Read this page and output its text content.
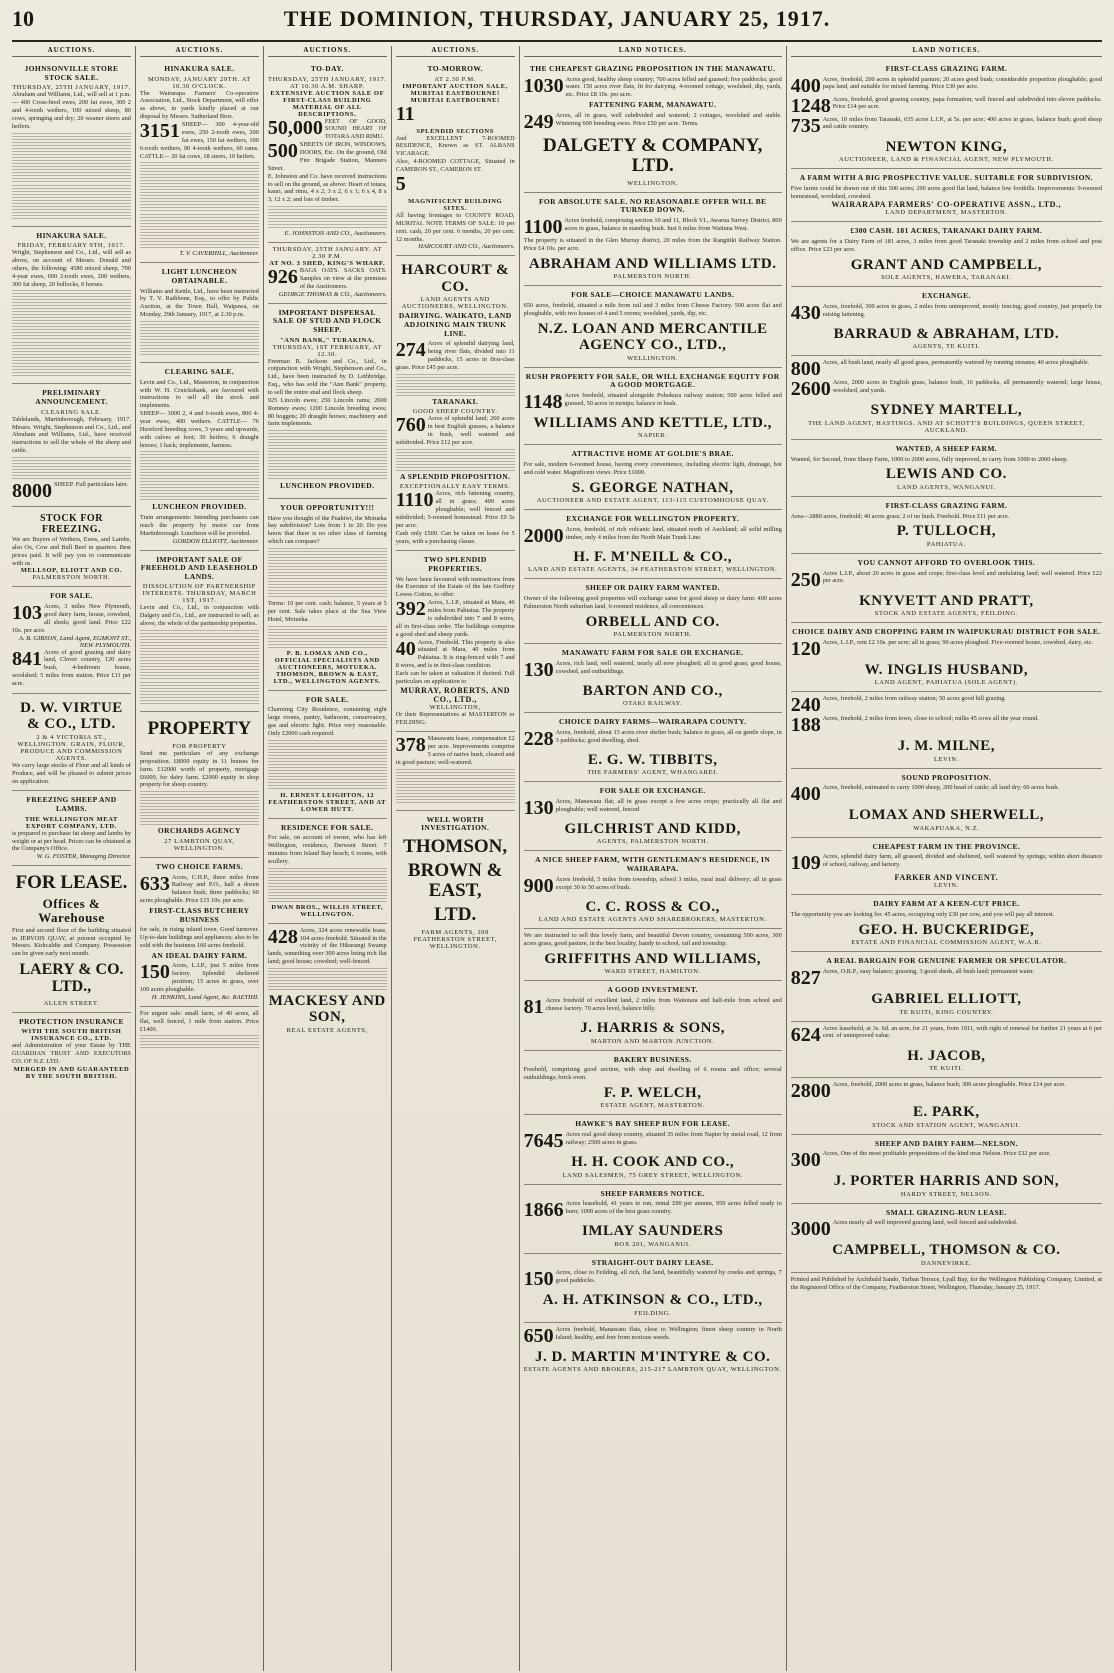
10	THE DOMINION, THURSDAY, JANUARY 25, 1917.
AUCTIONS.
JOHNSONVILLE STORE STOCK SALE.
THURSDAY, 25TH JANUARY, 1917.

Abraham and Williams, Ltd., will sell at 1 p.m.— 400 Cross-bred ewes, 200 fat ewes, 300 2 and 4-tooth wethers, 100 mixed sheep, 80 cows, springing and dry; 20 weaner steers and heifers.

HINAKURA SALE.
FRIDAY, FEBRUARY 9TH, 1917.

Wright, Stephenson and Co., Ltd., will sell as above, on account of Messrs. Donald and others, the following: 4580 mixed sheep, 700 4-year ewes, 600 2-tooth ewes, 200 wethers, 300 fat sheep, 20 bullocks, 6 horses.

PRELIMINARY ANNOUNCEMENT.
CLEARING SALE.

Tablelands, Martinborough, February, 1917. Messrs. Wright, Stephenson and Co., Ltd., and Abraham and Williams, Ltd., have received instructions to sell the whole of the sheep and cattle.

8000 SHEEP. Full particulars later.

STOCK FOR FREEZING.

We are Buyers of Wethers, Ewes, and Lambs, also Ox, Cow and Bull Beef in quarters. Best prices paid. It will pay you to communicate with us.

MELLSOP, ELIOTT AND CO.
PALMERSTON NORTH.
FOR SALE.
103 Acres, 3 miles New Plymouth, good dairy farm, house, cowshed, all sheds; good land. Price £22 10s. per acre.

A. B. GIBSON, Land Agent, EGMONT ST., NEW PLYMOUTH.
841 Acres of good grazing and dairy land, Clover country, 120 acres bush, 4-bedroom house, woolshed; 5 miles from station. Price £11 per acre.

D. W. VIRTUE & CO., LTD.
2 & 4 VICTORIA ST., WELLINGTON. GRAIN, FLOUR, PRODUCE AND COMMISSION AGENTS.

We carry large stocks of Flour and all kinds of Produce, and will be pleased to submit prices on application.

FREEZING SHEEP AND LAMBS.
THE WELLINGTON MEAT EXPORT COMPANY, LTD.

is prepared to purchase fat sheep and lambs by weight or at per head. Prices can be obtained at the Company's Office.

W. G. FOSTER, Managing Director.
FOR LEASE.
Offices & Warehouse

First and second floor of the building situated in JERVOIS QUAY, at present occupied by Messrs. Kirkcaldie and Company. Possession can be given early next month.

LAERY & CO. LTD.,
ALLEN STREET.
PROTECTION INSURANCE
WITH THE SOUTH BRITISH INSURANCE CO., LTD.

and Administration of your Estate by THE GUARDIAN TRUST AND EXECUTORS CO. OF N.Z. LTD.

MERGED IN AND GUARANTEED BY THE SOUTH BRITISH.
AUCTIONS.
HINAKURA SALE.
MONDAY, JANUARY 29TH. AT 10.30 O'CLOCK.

The Wairarapa Farmers' Co-operative Association, Ltd., Stock Department, will offer as above, in yards kindly placed at our disposal by Messrs. Sutherland Bros.

3151 SHEEP— 300 4-year-old ewes, 250 2-tooth ewes, 200 fat ewes, 150 fat wethers, 100 6-tooth wethers, 90 4-tooth wethers, 60 rams. CATTLE— 20 fat cows, 18 steers, 10 heifers.

T. V. CAVERHILL, Auctioneer.
LIGHT LUNCHEON OBTAINABLE.

Williams and Kettle, Ltd., have been instructed by T. V. Rathbone, Esq., to offer by Public Auction, at the Town Hall, Waipawa, on Monday, 29th January, 1917, at 2.30 p.m.

CLEARING SALE.

Levin and Co., Ltd., Masterton, in conjunction with W. H. Cruickshank, are favoured with instructions to sell all the stock and implements.

SHEEP— 3000 2, 4 and 6-tooth ewes, 800 4-year ewes, 400 wethers. CATTLE— 76 Hereford breeding cows, 3 years and upwards, with calves at foot; 30 heifers; 6 draught horses; 1 hack; implements, harness.

LUNCHEON PROVIDED.

Train arrangements: Intending purchasers can reach the property by motor car from Martinborough. Luncheon will be provided.

GORDON ELLIOTT, Auctioneer.
IMPORTANT SALE OF FREEHOLD AND LEASEHOLD LANDS.
DISSOLUTION OF PARTNERSHIP INTERESTS. THURSDAY, MARCH 1ST, 1917.

Levin and Co., Ltd., in conjunction with Dalgety and Co., Ltd., are instructed to sell, as above, the whole of the partnership properties.

PROPERTY
FOR PROPERTY

Send me particulars of any exchange proposition. £8000 equity in 11 houses for farm. £12000 worth of property, mortgage £6000, for dairy farm. £2000 equity in shop property for sheep country.

ORCHARDS AGENCY
27 LAMBTON QUAY, WELLINGTON.
TWO CHOICE FARMS.
633 Acres, C.H.P., three miles from Railway and P.O., half a dozen balance bush; three paddocks; 60 acres ploughable. Price £15 10s. per acre.

FIRST-CLASS BUTCHERY BUSINESS

for sale, in rising inland town. Good turnover. Up-to-date buildings and appliances; also to be sold with the business 160 acres freehold.

AN IDEAL DAIRY FARM.
150 Acres, L.I.P., just 5 miles from factory. Splendid sheltered position; 15 acres in grass, over 100 acres ploughable.

H. JENKINS, Land Agent, &c. RAETIHI.

For urgent sale: small farm, of 40 acres, all flat, well fenced, 1 mile from station. Price £1400.

AUCTIONS.
TO-DAY.
THURSDAY, 25TH JANUARY, 1917. AT 10.30 A.M. SHARP.
EXTENSIVE AUCTION SALE OF FIRST-CLASS BUILDING MATERIAL OF ALL DESCRIPTIONS.
50,000 FEET OF GOOD, SOUND HEART OF TOTARA AND RIMU.

500 SHEETS OF IRON, WINDOWS, DOORS, Etc. On the ground, Old Fire Brigade Station, Manners Street.

E. Johnston and Co. have received instructions to sell on the ground, as above: Heart of totara, kauri, and rimu, 4 x 2, 3 x 2, 6 x 1; 6 x 4, 8 x 3, 12 x 2; and lots of timber.

E. JOHNSTON AND CO., Auctioneers.
THURSDAY, 25TH JANUARY. AT 2.30 P.M.
AT NO. 3 SHED, KING'S WHARF.
926 BAGS OATS. SACKS OATS. Samples on view at the premises of the Auctioneers.

GEORGE THOMAS & CO., Auctioneers.
IMPORTANT DISPERSAL SALE OF STUD AND FLOCK SHEEP.
"ANN BANK," TURAKINA.
THURSDAY, 1ST FEBRUARY, AT 12.30.

Freeman R. Jackson and Co., Ltd., in conjunction with Wright, Stephenson and Co., Ltd., have been instructed by D. Lethbridge, Esq., who has sold the "Ann Bank" property, to sell the entire stud and flock sheep.

925 Lincoln ewes; 250 Lincoln rams; 2600 Romney ewes; 1200 Lincoln breeding ewes; 80 hoggets; 20 draught horses; machinery and farm implements.

LUNCHEON PROVIDED.
YOUR OPPORTUNITY!!!

Have you thought of the Puahiwi, the Motueka bay subdivision? Lots from 1 to 20. Do you know that there is no other class of farming which can compare?

Terms: 10 per cent. cash; balance, 5 years at 5 per cent. Sale takes place at the Sea View Hotel, Motueka.

P. B. LOMAX AND CO., OFFICIAL SPECIALISTS AND AUCTIONEERS, MOTUEKA. THOMSON, BROWN & EAST, LTD., WELLINGTON AGENTS.
FOR SALE.

Charming City Residence, containing eight large rooms, pantry, bathroom, conservatory, gas and electric light. Price very reasonable. Only £2000 cash required.

H. ERNEST LEIGHTON, 12 FEATHERSTON STREET, AND AT LOWER HUTT.
RESIDENCE FOR SALE.

For sale, on account of owner, who has left Wellington, residence, Derwent Street. 7 minutes from Island Bay beach; 6 rooms, with scullery.

DWAN BROS., WILLIS STREET, WELLINGTON.
428 Acres, 324 acres renewable lease, 104 acres freehold. Situated in the vicinity of the Hikurangi Swamp lands, something over 300 acres being rich flat land; good house; cowshed; well-fenced.

MACKESY AND SON,
REAL ESTATE AGENTS,
AUCTIONS.
TO-MORROW.
AT 2.30 P.M.
IMPORTANT AUCTION SALE, MURITAI EASTBOURNE! MURITAI EASTBOURNE!
11
SPLENDID SECTIONS

And EXCELLENT 7-ROOMED RESIDENCE, Known as ST. ALBANS VICARAGE.

Also, 4-ROOMED COTTAGE, Situated in CAMERON ST., CAMERON ST.

5
MAGNIFICENT BUILDING SITES.

All having frontages to COUNTY ROAD, MURITAI. NOTE TERMS OF SALE: 10 per cent. cash, 20 per cent. 6 months, 20 per cent. 12 months.

HARCOURT AND CO., Auctioneers.
HARCOURT & CO.
LAND AGENTS AND AUCTIONEERS, WELLINGTON.
DAIRYING. WAIKATO, LAND ADJOINING MAIN TRUNK LINE.
274 Acres of splendid dairying land, being river flats, divided into 11 paddocks, 15 acres in first-class grass. Price £45 per acre.

TARANAKI.
GOOD SHEEP COUNTRY.
760 Acres of splendid land; 260 acres in best English grasses, a balance in bush, well watered and subdivided. Price £12 per acre.

A SPLENDID PROPOSITION.
EXCEPTIONALLY EASY TERMS.
1110 Acres, rich fattening country, all in grass; 400 acres ploughable; well fenced and subdivided; 5-roomed homestead. Price £9 5s per acre.

Cash only £500. Can be taken on lease for 5 years, with a purchasing clause.

TWO SPLENDID PROPERTIES.

We have been favoured with instructions from the Executor of the Estate of the late Godfrey Lowes Cotton, to offer:

392 Acres, L.I.P., situated at Mara, 46 miles from Pahiatua. The property is subdivided into 7 and 8 wires, all in first-class order. The buildings comprise a good shed and sheep yards.

40 Acres, Freehold. This property is also situated at Mara, 40 miles from Pahiatua. It is ring-fenced with 7 and 8 wires, and is in first-class condition.

Each can be taken at valuation if desired. Full particulars on application to

MURRAY, ROBERTS, AND CO., LTD.,
WELLINGTON,

Or their Representatives at MASTERTON or FEILDING.

378 Manawatu lease, compensation £2 per acre. Improvements comprise 5 acres of native bush, cleared and in good pasture; well-watered.

WELL WORTH INVESTIGATION.
THOMSON,
BROWN & EAST,
LTD.
FARM AGENTS, 109 FEATHERSTON STREET, WELLINGTON.
LAND NOTICES.
THE CHEAPEST GRAZING PROPOSITION IN THE MANAWATU.
1030 Acres good, healthy sheep country; 700 acres felled and grassed; five paddocks; good water. 150 acres river flats, fit for dairying. 4-roomed cottage, woolshed, dip, yards, etc. Price £8 10s. per acre.

FATTENING FARM, MANAWATU.
249 Acres, all in grass, well subdivided and watered; 2 cottages, woolshed and stable. Wintering 600 breeding ewes. Price £50 per acre. Terms.

DALGETY & COMPANY, LTD.
WELLINGTON.
FOR ABSOLUTE SALE. NO REASONABLE OFFER WILL BE TURNED DOWN.
1100 Acres freehold, comprising section 10 and 11, Block VI., Awarua Survey District, 800 acres in grass, balance in standing bush. Just 6 miles from Waituna West.

The property is situated in the Glen Murray district, 20 miles from the Rangitiki Railway Station. Price £4 10s. per acre.

ABRAHAM AND WILLIAMS LTD.
PALMERSTON NORTH.
FOR SALE—CHOICE MANAWATU LANDS.

650 acres, freehold, situated a mile from rail and 3 miles from Cheese Factory. 500 acres flat and ploughable, with two houses of 4 and 5 rooms; woolshed, yards, dip, etc.

N.Z. LOAN AND MERCANTILE AGENCY CO., LTD.,
WELLINGTON.
RUSH PROPERTY FOR SALE, OR WILL EXCHANGE EQUITY FOR A GOOD MORTGAGE.
1148 Acres freehold, situated alongside Pohokura railway station; 500 acres felled and grassed, 50 acres in turnips; balance in bush.

WILLIAMS AND KETTLE, LTD.,
NAPIER.
ATTRACTIVE HOME AT GOLDIE'S BRAE.

For sale, modern 6-roomed house, having every convenience, including electric light, drainage, hot and cold water. Magnificent views. Price £1000.

S. GEORGE NATHAN,
AUCTIONEER AND ESTATE AGENT, 113-115 CUSTOMHOUSE QUAY.
EXCHANGE FOR WELLINGTON PROPERTY.
2000 Acres, freehold, of rich volcanic land, situated north of Auckland; all solid milling timber, only 4 miles from the North Main Trunk Line.

H. F. M'NEILL & CO.,
LAND AND ESTATE AGENTS, 34 FEATHERSTON STREET, WELLINGTON.
SHEEP OR DAIRY FARM WANTED.

Owner of the following good properties will exchange same for good sheep or dairy farm: 400 acres Palmerston North suburban land, 6-roomed residence, all conveniences.

ORBELL AND CO.
PALMERSTON NORTH.
MANAWATU FARM FOR SALE OR EXCHANGE.
130 Acres, rich land, well watered, nearly all now ploughed; all in good grass; good house, cowshed, and outbuildings.

BARTON AND CO.,
OTAKI RAILWAY.
CHOICE DAIRY FARMS—WAIRARAPA COUNTY.
228 Acres, freehold, about 15 acres river shelter bush; balance in grass, all on gentle slope, in 3 paddocks; good dwelling, shed.

E. G. W. TIBBITS,
THE FARMERS' AGENT, WHANGAREI.
FOR SALE OR EXCHANGE.
130 Acres, Manawatu flat; all in grass except a few acres crops; practically all flat and ploughable; well watered, fenced.

GILCHRIST AND KIDD,
AGENTS, PALMERSTON NORTH.
A NICE SHEEP FARM, WITH GENTLEMAN'S RESIDENCE, IN WAIRARAPA.
900 Acres freehold, 5 miles from township, school 3 miles, rural mail delivery; all in grass except 30 to 50 acres of bush.

C. C. ROSS & CO.,
LAND AND ESTATE AGENTS AND SHAREBROKERS, MASTERTON.

We are instructed to sell this lovely farm, and beautiful Devon country, containing 500 acres, 300 acres grass, good pasture, in the best locality, handy to school, rail and township.

GRIFFITHS AND WILLIAMS,
WARD STREET, HAMILTON.
A GOOD INVESTMENT.
81 Acres freehold of excellent land, 2 miles from Waitotara and half-mile from school and cheese factory. 70 acres level, balance hilly.

J. HARRIS & SONS,
MARTON AND MARTON JUNCTION.
BAKERY BUSINESS.

Freehold, comprising good section, with shop and dwelling of 6 rooms and office; several outbuildings; brick oven.

F. P. WELCH,
ESTATE AGENT, MASTERTON.
HAWKE'S BAY SHEEP RUN FOR LEASE.
7645 Acres real good sheep country, situated 35 miles from Napier by metal road, 12 from railway; 2500 acres in grass.

H. H. COOK AND CO.,
LAND SALESMEN, 75 GREY STREET, WELLINGTON.
SHEEP FARMERS NOTICE.
1866 Acres leasehold, 41 years to run, rental £90 per annum, 950 acres felled ready to burn; 1000 acres of the best grass country.

IMLAY SAUNDERS
BOX 201, WANGANUI.
STRAIGHT-OUT DAIRY LEASE.
150 Acres, close to Feilding, all rich, flat land, beautifully watered by creeks and springs, 7 good paddocks.

A. H. ATKINSON & CO., LTD.,
FEILDING.
650 Acres freehold, Manawatu flats, close to Wellington; finest sheep country in North Island; healthy, and free from noxious weeds.

J. D. MARTIN M'INTYRE & CO.
ESTATE AGENTS AND BROKERS, 215-217 LAMBTON QUAY, WELLINGTON.
LAND NOTICES.
FIRST-CLASS GRAZING FARM.
400 Acres, freehold, 200 acres in splendid pasture; 20 acres good bush; considerable proportion ploughable; good papa land, and suitable for mixed farming. Price £30 per acre.

1248 Acres, freehold, good grazing country, papa formation; well fenced and subdivided into eleven paddocks. Price £14 per acre.

735 Acres, 10 miles from Taranaki, 635 acres L.I.P., at 5s. per acre; 400 acres in grass, balance bush; good sheep and cattle country.

NEWTON KING,
AUCTIONEER, LAND & FINANCIAL AGENT, NEW PLYMOUTH.
A FARM WITH A BIG PROSPECTIVE VALUE. SUITABLE FOR SUBDIVISION.

Five farms could be drawn out of this 500 acres; 200 acres good flat land, balance low foothills. Improvements: 9-roomed homestead, woolshed, cowshed.

WAIRARAPA FARMERS' CO-OPERATIVE ASSN., LTD.,
LAND DEPARTMENT, MASTERTON.
£300 CASH. 181 ACRES, TARANAKI DAIRY FARM.

We are agents for a Dairy Farm of 181 acres, 3 miles from good Taranaki township and 2 miles from school and post office. Price £23 per acre.

GRANT AND CAMPBELL,
SOLE AGENTS, HAWERA, TARANAKI.
EXCHANGE.
430 Acres, freehold, 300 acres in grass, 2 miles from unimproved, mostly fencing; good country, just properly for raising fattening.

BARRAUD & ABRAHAM, LTD.
AGENTS, TE KUITI.
800 Acres, all bush land, nearly all good grass, permanently watered by running streams; 40 acres ploughable.

2600 Acres, 2000 acres in English grass, balance bush, 16 paddocks, all permanently watered; large house, woolshed, and yards.

SYDNEY MARTELL,
THE LAND AGENT, HASTINGS. AND AT SCHOTT'S BUILDINGS, QUEEN STREET, AUCKLAND.
WANTED, A SHEEP FARM.

Wanted, for Second, from Sheep Farm, 1000 to 2000 acres, fully improved, to carry from 1000 to 2000 sheep.

LEWIS AND CO.
LAND AGENTS, WANGANUI.
FIRST-CLASS GRAZING FARM.

Area—2880 acres, freehold; 40 acres grass; 2 of no bush. Freehold. Price £11 per acre.

P. TULLOCH,
PAHIATUA.
YOU CANNOT AFFORD TO OVERLOOK THIS.
250 Acres L.I.P., about 20 acres in grass and crops; first-class level and undulating land; well watered. Price £22 per acre.

KNYVETT AND PRATT,
STOCK AND ESTATE AGENTS, FEILDING.
CHOICE DAIRY AND CROPPING FARM IN WAIPUKURAU DISTRICT FOR SALE.
120 Acres, L.I.P., rent £2 10s. per acre; all in grass; 90 acres ploughed. Five-roomed house, cowshed, dairy, etc.

W. INGLIS HUSBAND,
LAND AGENT, PAHIATUA (SOLE AGENT).
240 Acres, freehold, 2 miles from railway station; 50 acres good hill grazing.

188 Acres, freehold, 2 miles from town, close to school; milks 45 cows all the year round.

J. M. MILNE,
LEVIN.
SOUND PROPOSITION.
400 Acres, freehold, estimated to carry 1000 sheep, 200 head of cattle; all land dry; 60 acres bush.

LOMAX AND SHERWELL,
WAKAPUAKA, N.Z.
CHEAPEST FARM IN THE PROVINCE.
109 Acres, splendid dairy farm, all grassed, divided and sheltered, well watered by springs; within short distance of school, railway, and factory.

FARKER AND VINCENT.
LEVIN.
DAIRY FARM AT A KEEN-CUT PRICE.

The opportunity you are looking for. 45 acres, occupying only £30 per cow, and you will pay all interest.

GEO. H. BUCKERIDGE,
ESTATE AND FINANCIAL COMMISSION AGENT, W.A.R.
A REAL BARGAIN FOR GENUINE FARMER OR SPECULATOR.
827 Acres, O.R.P., easy balance; grassing, 3 good sheds, all bush land; permanent water.

GABRIEL ELLIOTT,
TE KUITI, KING COUNTRY.
624 Acres leasehold, at 3s. 6d. an acre, for 21 years, from 1911, with right of renewal for further 21 years at 6 per cent. of unimproved value.

H. JACOB,
TE KUITI.
2800 Acres, freehold, 2000 acres in grass, balance bush; 300 acres ploughable. Price £14 per acre.

E. PARK,
STOCK AND STATION AGENT, WANGANUI.
SHEEP AND DAIRY FARM—NELSON.
300 Acres, One of the most profitable propositions of the kind near Nelson. Price £32 per acre.

J. PORTER HARRIS AND SON,
HARDY STREET, NELSON.
SMALL GRAZING-RUN LEASE.
3000 Acres nearly all well improved grazing land, well fenced and subdivided.

CAMPBELL, THOMSON & CO.
DANNEVIRKE.

Printed and Published by Archibald Sando, Tarban Terrace, Lyall Bay, for the Wellington Publishing Company, Limited, at the Registered Office of the Company, Featherston Street, Wellington, Thursday, January 25, 1917.
